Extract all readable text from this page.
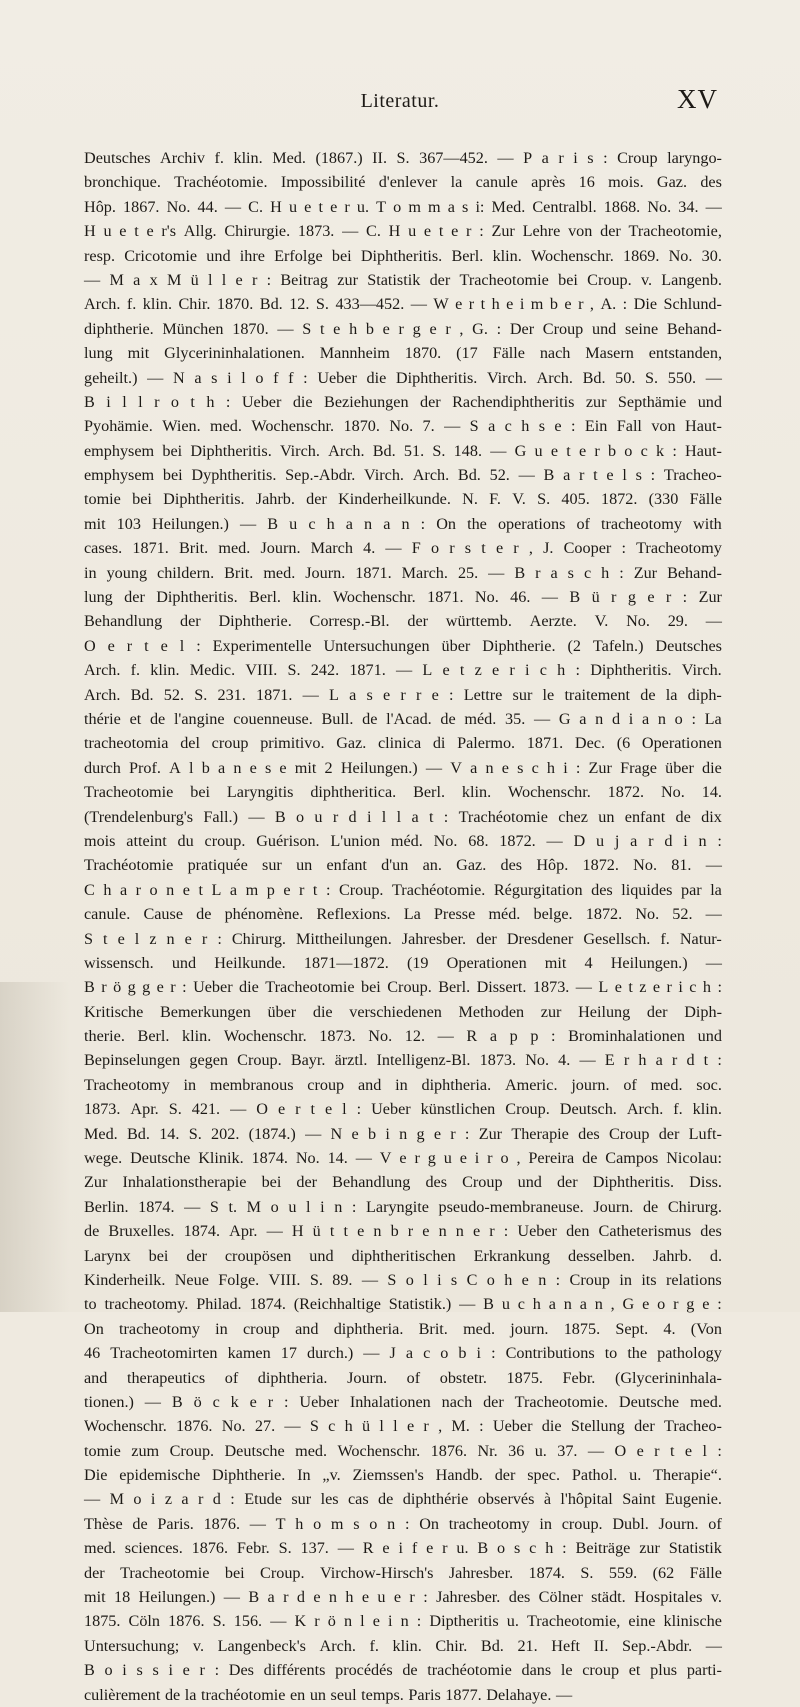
Literatur.	XV
Deutsches Archiv f. klin. Med. (1867.) II. S. 367—452. — P a r i s : Croup laryngo-
bronchique. Trachéotomie. Impossibilité d'enlever la canule après 16 mois. Gaz. des
Hôp. 1867. No. 44. — C. H u e t e r u. T o m m a s i: Med. Centralbl. 1868. No. 34. —
H u e t e r's Allg. Chirurgie. 1873. — C. H u e t e r : Zur Lehre von der Tracheotomie,
resp. Cricotomie und ihre Erfolge bei Diphtheritis. Berl. klin. Wochenschr. 1869. No. 30.
— M a x M ü l l e r : Beitrag zur Statistik der Tracheotomie bei Croup. v. Langenb.
Arch. f. klin. Chir. 1870. Bd. 12. S. 433—452. — W e r t h e i m b e r , A. : Die Schlund-
diphtherie. München 1870. — S t e h b e r g e r , G. : Der Croup und seine Behand-
lung mit Glycerininhalationen. Mannheim 1870. (17 Fälle nach Masern entstanden,
geheilt.) — N a s i l o f f : Ueber die Diphtheritis. Virch. Arch. Bd. 50. S. 550. —
B i l l r o t h : Ueber die Beziehungen der Rachendiphtheritis zur Septhämie und
Pyohämie. Wien. med. Wochenschr. 1870. No. 7. — S a c h s e : Ein Fall von Haut-
emphysem bei Diphtheritis. Virch. Arch. Bd. 51. S. 148. — G u e t e r b o c k : Haut-
emphysem bei Dyphtheritis. Sep.-Abdr. Virch. Arch. Bd. 52. — B a r t e l s : Tracheo-
tomie bei Diphtheritis. Jahrb. der Kinderheilkunde. N. F. V. S. 405. 1872. (330 Fälle
mit 103 Heilungen.) — B u c h a n a n : On the operations of tracheotomy with
cases. 1871. Brit. med. Journ. March 4. — F o r s t e r , J. Cooper : Tracheotomy
in young childern. Brit. med. Journ. 1871. March. 25. — B r a s c h : Zur Behand-
lung der Diphtheritis. Berl. klin. Wochenschr. 1871. No. 46. — B ü r g e r : Zur
Behandlung der Diphtherie. Corresp.-Bl. der württemb. Aerzte. V. No. 29. —
O e r t e l : Experimentelle Untersuchungen über Diphtherie. (2 Tafeln.) Deutsches
Arch. f. klin. Medic. VIII. S. 242. 1871. — L e t z e r i c h : Diphtheritis. Virch.
Arch. Bd. 52. S. 231. 1871. — L a s e r r e : Lettre sur le traitement de la diph-
thérie et de l'angine couenneuse. Bull. de l'Acad. de méd. 35. — G a n d i a n o : La
tracheotomia del croup primitivo. Gaz. clinica di Palermo. 1871. Dec. (6 Operationen
durch Prof. A l b a n e s e mit 2 Heilungen.) — V a n e s c h i : Zur Frage über die
Tracheotomie bei Laryngitis diphtheritica. Berl. klin. Wochenschr. 1872. No. 14.
(Trendelenburg's Fall.) — B o u r d i l l a t : Trachéotomie chez un enfant de dix
mois atteint du croup. Guérison. L'union méd. No. 68. 1872. — D u j a r d i n :
Trachéotomie pratiquée sur un enfant d'un an. Gaz. des Hôp. 1872. No. 81. —
C h a r o n e t L a m p e r t : Croup. Trachéotomie. Régurgitation des liquides par la
canule. Cause de phénomène. Reflexions. La Presse méd. belge. 1872. No. 52. —
S t e l z n e r : Chirurg. Mittheilungen. Jahresber. der Dresdener Gesellsch. f. Natur-
wissensch. und Heilkunde. 1871—1872. (19 Operationen mit 4 Heilungen.) —
B r ö g g e r : Ueber die Tracheotomie bei Croup. Berl. Dissert. 1873. — L e t z e r i c h :
Kritische Bemerkungen über die verschiedenen Methoden zur Heilung der Diph-
therie. Berl. klin. Wochenschr. 1873. No. 12. — R a p p : Brominhalationen und
Bepinselungen gegen Croup. Bayr. ärztl. Intelligenz-Bl. 1873. No. 4. — E r h a r d t :
Tracheotomy in membranous croup and in diphtheria. Americ. journ. of med. soc.
1873. Apr. S. 421. — O e r t e l : Ueber künstlichen Croup. Deutsch. Arch. f. klin.
Med. Bd. 14. S. 202. (1874.) — N e b i n g e r : Zur Therapie des Croup der Luft-
wege. Deutsche Klinik. 1874. No. 14. — V e r g u e i r o , Pereira de Campos Nicolau:
Zur Inhalationstherapie bei der Behandlung des Croup und der Diphtheritis. Diss.
Berlin. 1874. — S t. M o u l i n : Laryngite pseudo-membraneuse. Journ. de Chirurg.
de Bruxelles. 1874. Apr. — H ü t t e n b r e n n e r : Ueber den Catheterismus des
Larynx bei der croupösen und diphtheritischen Erkrankung desselben. Jahrb. d.
Kinderheilk. Neue Folge. VIII. S. 89. — S o l i s C o h e n : Croup in its relations
to tracheotomy. Philad. 1874. (Reichhaltige Statistik.) — B u c h a n a n , G e o r g e :
On tracheotomy in croup and diphtheria. Brit. med. journ. 1875. Sept. 4. (Von
46 Tracheotomirten kamen 17 durch.) — J a c o b i : Contributions to the pathology
and therapeutics of diphtheria. Journ. of obstetr. 1875. Febr. (Glycerininhala-
tionen.) — B ö c k e r : Ueber Inhalationen nach der Tracheotomie. Deutsche med.
Wochenschr. 1876. No. 27. — S c h ü l l e r , M. : Ueber die Stellung der Tracheo-
tomie zum Croup. Deutsche med. Wochenschr. 1876. Nr. 36 u. 37. — O e r t e l :
Die epidemische Diphtherie. In „v. Ziemssen's Handb. der spec. Pathol. u. Therapie“.
— M o i z a r d : Etude sur les cas de diphthérie observés à l'hôpital Saint Eugenie.
Thèse de Paris. 1876. — T h o m s o n : On tracheotomy in croup. Dubl. Journ. of
med. sciences. 1876. Febr. S. 137. — R e i f e r u. B o s c h : Beiträge zur Statistik
der Tracheotomie bei Croup. Virchow-Hirsch's Jahresber. 1874. S. 559. (62 Fälle
mit 18 Heilungen.) — B a r d e n h e u e r : Jahresber. des Cölner städt. Hospitales v.
1875. Cöln 1876. S. 156. — K r ö n l e i n : Diptheritis u. Tracheotomie, eine klinische
Untersuchung; v. Langenbeck's Arch. f. klin. Chir. Bd. 21. Heft II. Sep.-Abdr. —
B o i s s i e r : Des différents procédés de trachéotomie dans le croup et plus parti-
culièrement de la trachéotomie en un seul temps. Paris 1877. Delahaye. —
